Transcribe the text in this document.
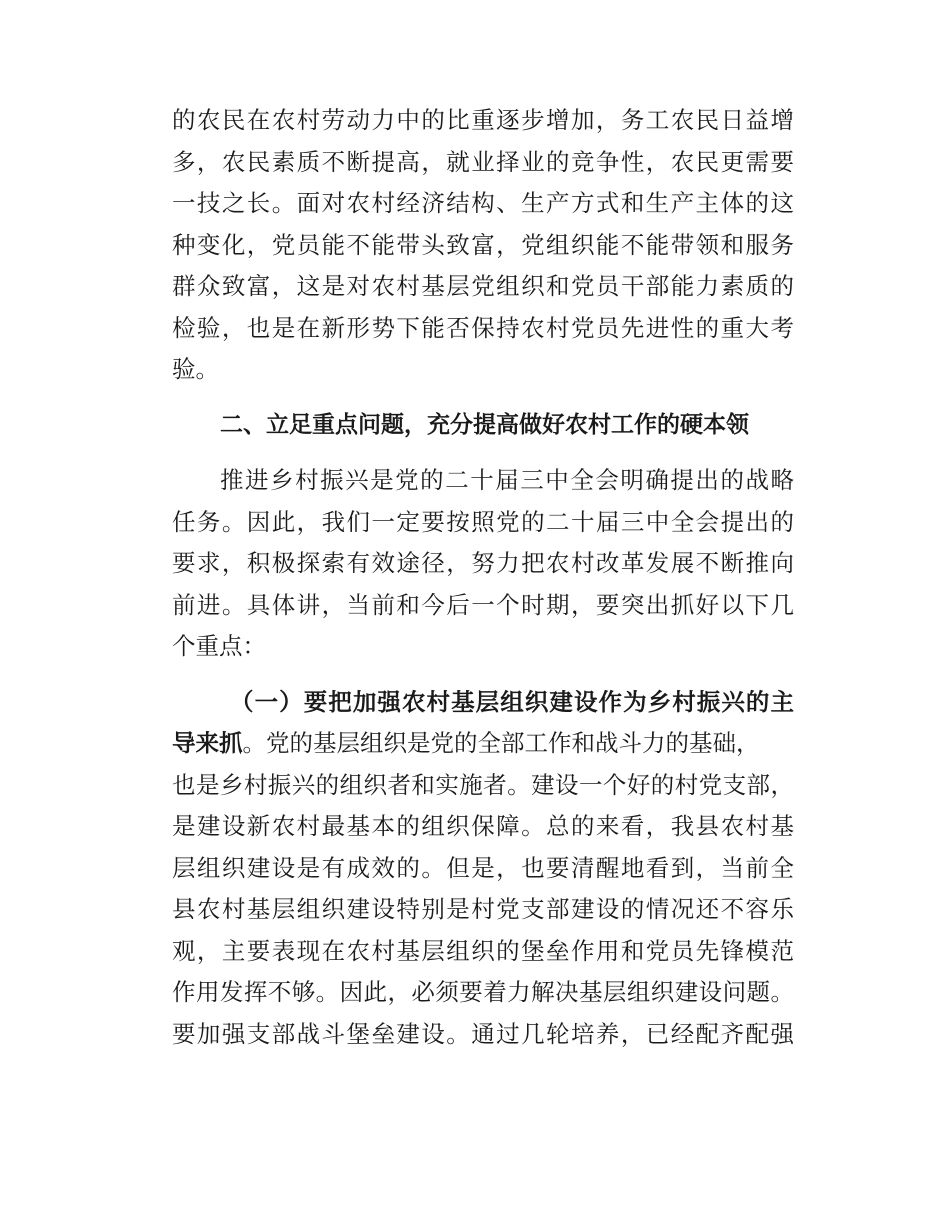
的农民在农村劳动力中的比重逐步增加，务工农民日益增
多，农民素质不断提高，就业择业的竞争性，农民更需要
一技之长。面对农村经济结构、生产方式和生产主体的这
种变化，党员能不能带头致富，党组织能不能带领和服务
群众致富，这是对农村基层党组织和党员干部能力素质的
检验，也是在新形势下能否保持农村党员先进性的重大考
验。
二、立足重点问题，充分提高做好农村工作的硬本领
推进乡村振兴是党的二十届三中全会明确提出的战略
任务。因此，我们一定要按照党的二十届三中全会提出的
要求，积极探索有效途径，努力把农村改革发展不断推向
前进。具体讲，当前和今后一个时期，要突出抓好以下几
个重点：
（一）要把加强农村基层组织建设作为乡村振兴的主
导来抓。党的基层组织是党的全部工作和战斗力的基础，
也是乡村振兴的组织者和实施者。建设一个好的村党支部，
是建设新农村最基本的组织保障。总的来看，我县农村基
层组织建设是有成效的。但是，也要清醒地看到，当前全
县农村基层组织建设特别是村党支部建设的情况还不容乐
观，主要表现在农村基层组织的堡垒作用和党员先锋模范
作用发挥不够。因此，必须要着力解决基层组织建设问题。
要加强支部战斗堡垒建设。通过几轮培养，已经配齐配强
